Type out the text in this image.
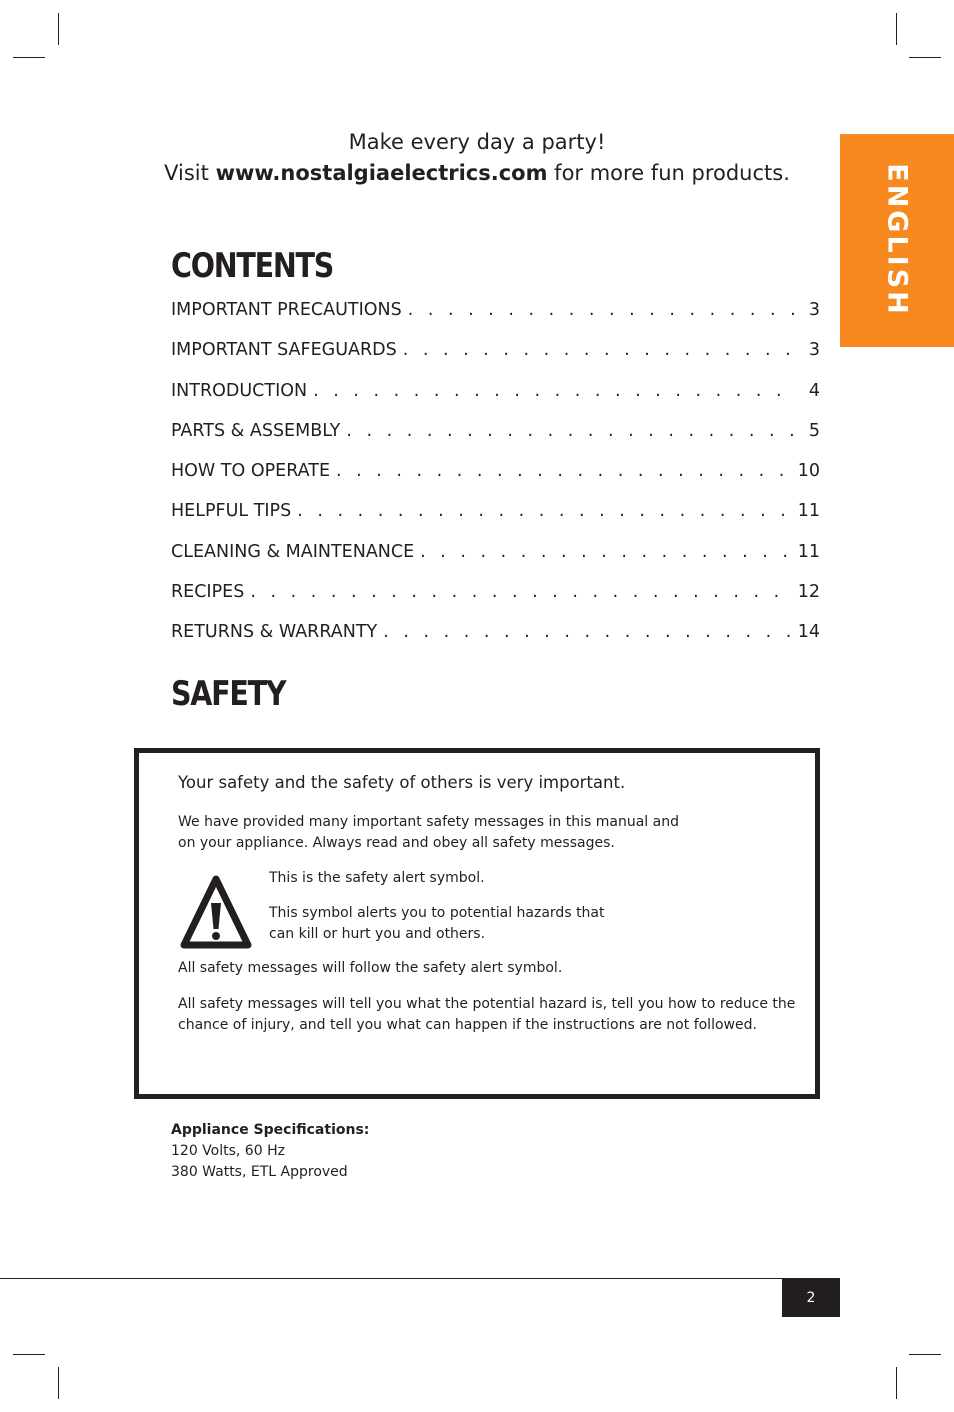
ENGLISH
Make every day a party!
Visit www.nostalgiaelectrics.com for more fun products.
CONTENTS
IMPORTANT PRECAUTIONS . . .	3
IMPORTANT SAFEGUARDS . . .	3
INTRODUCTION . . .	4
PARTS & ASSEMBLY . . .	5
HOW TO OPERATE . . .	10
HELPFUL TIPS . . .	11
CLEANING & MAINTENANCE . . .	11
RECIPES . . .	12
RETURNS & WARRANTY . . .	14
SAFETY
Your safety and the safety of others is very important.
We have provided many important safety messages in this manual and
on your appliance. Always read and obey all safety messages.
This is the safety alert symbol.
This symbol alerts you to potential hazards that
can kill or hurt you and others.
All safety messages will follow the safety alert symbol.
All safety messages will tell you what the potential hazard is, tell you how to reduce the
chance of injury, and tell you what can happen if the instructions are not followed.
Appliance Specifications:
120 Volts, 60 Hz
380 Watts, ETL Approved
2
